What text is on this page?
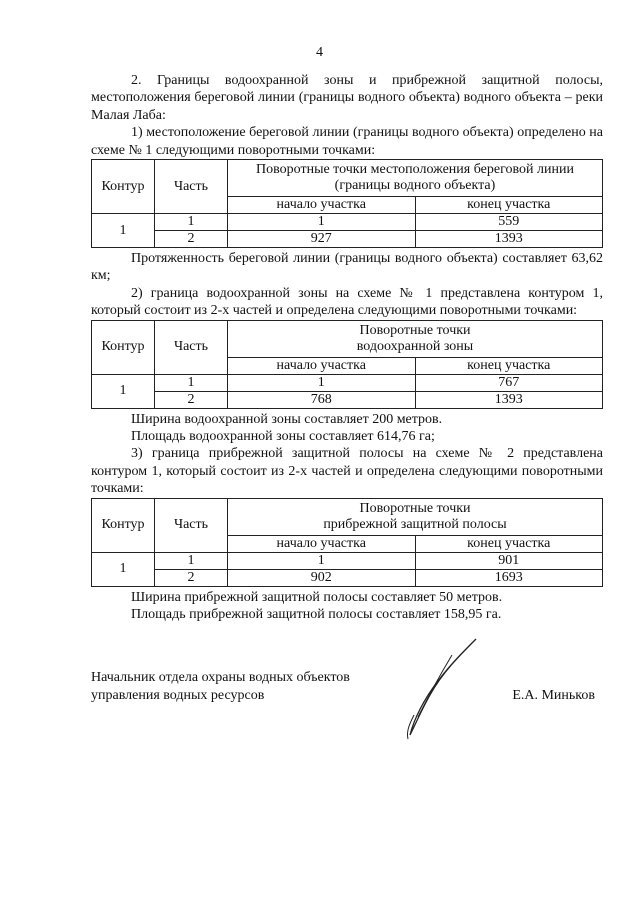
4

2. Границы водоохранной зоны и прибрежной защитной полосы, местоположения береговой линии (границы водного объекта) водного объекта – реки Малая Лаба:

1) местоположение береговой линии (границы водного объекта) определено на схеме № 1 следующими поворотными точками:

Контур	Часть	Поворотные точки местоположения береговой линии (границы водного объекта)	
		начало участка	конец участка
1	1	1	559
	2	927	1393

Протяженность береговой линии (границы водного объекта) составляет 63,62 км;

2) граница водоохранной зоны на схеме № 1 представлена контуром 1, который состоит из 2-х частей и определена следующими поворотными точками:

Контур	Часть	Поворотные точки
водоохранной зоны	

		начало участка	конец участка
1	1	1	767
	2	768	1393

Ширина водоохранной зоны составляет 200 метров.

Площадь водоохранной зоны составляет 614,76 га;

3) граница прибрежной защитной полосы на схеме № 2 представлена контуром 1, который состоит из 2-х частей и определена следующими поворотными точками:

Контур	Часть	Поворотные точки
прибрежной защитной полосы	

		начало участка	конец участка
1	1	1	901
	2	902	1693

Ширина прибрежной защитной полосы составляет 50 метров.

Площадь прибрежной защитной полосы составляет 158,95 га.

Начальник отдела охраны водных объектов
управления водных ресурсов	Е.А. Миньков
